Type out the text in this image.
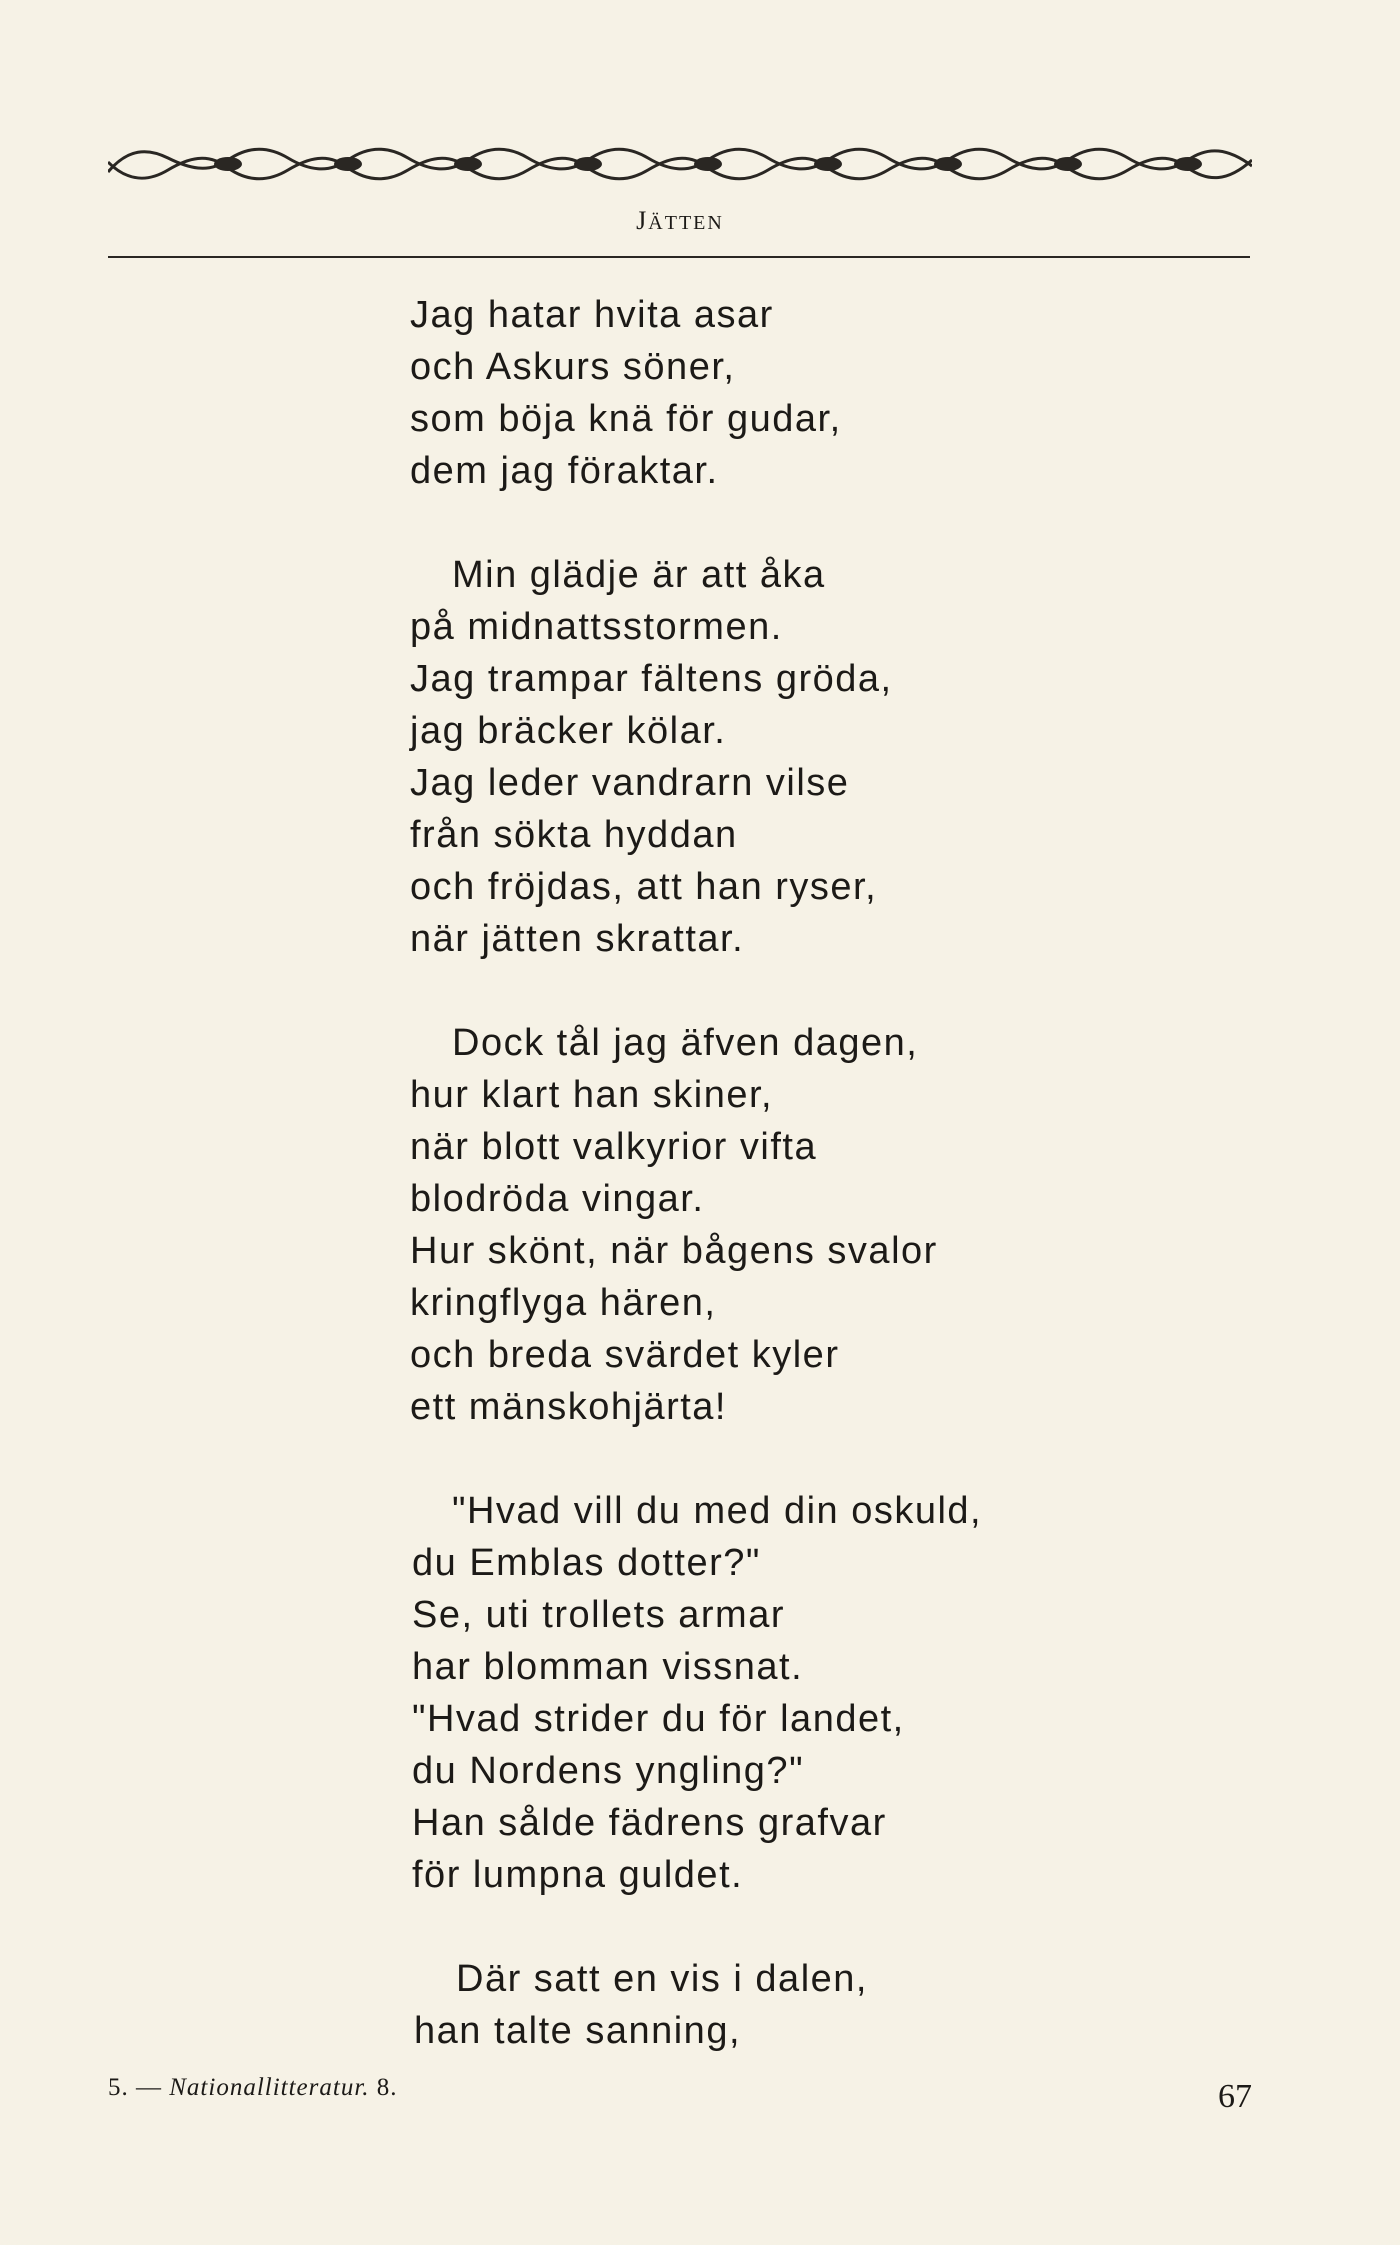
JÄTTEN
Jag hatar hvita asar
och Askurs söner,
som böja knä för gudar,
dem jag föraktar.
Min glädje är att åka
på midnattsstormen.
Jag trampar fältens gröda,
jag bräcker kölar.
Jag leder vandrarn vilse
från sökta hyddan
och fröjdas, att han ryser,
när jätten skrattar.
Dock tål jag äfven dagen,
hur klart han skiner,
när blott valkyrior vifta
blodröda vingar.
Hur skönt, när bågens svalor
kringflyga hären,
och breda svärdet kyler
ett mänskohjärta!
"Hvad vill du med din oskuld,
du Emblas dotter?"
Se, uti trollets armar
har blomman vissnat.
"Hvad strider du för landet,
du Nordens yngling?"
Han sålde fädrens grafvar
för lumpna guldet.
Där satt en vis i dalen,
han talte sanning,
5. — Nationallitteratur. 8.	67
